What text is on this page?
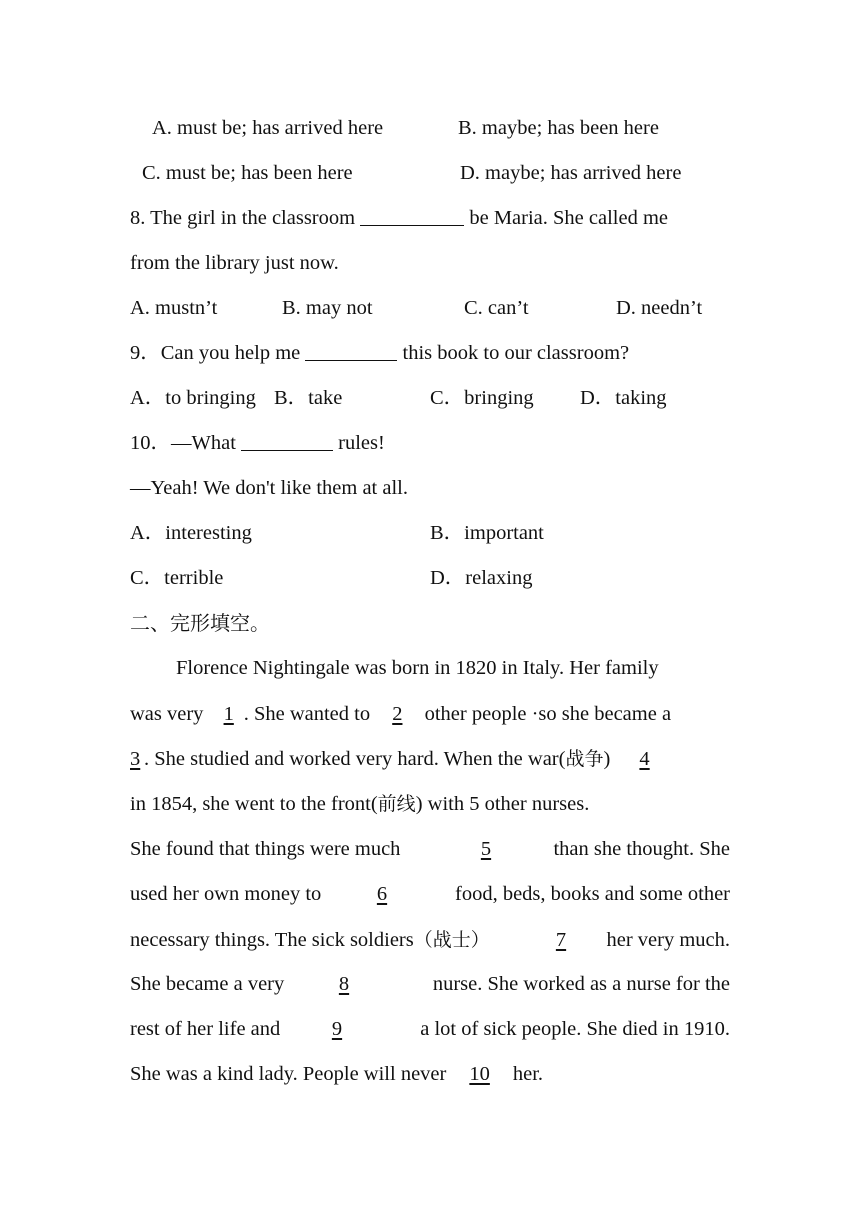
A. must be; has arrived here	B. maybe; has been here
C. must be; has been here	D. maybe; has arrived here
8. The girl in the classroom	be Maria. She called me
from the library just now.
A. mustn’t	B. may not	C. can’t	D. needn’t
9．Can you help me	this book to our classroom?
A．to bringing B．take	C．bringing D．taking
10．—What	rules!
—Yeah! We don't like them at all.
A．interesting	B．important
C．terrible	D．relaxing
二、完形填空。
Florence Nightingale was born in 1820 in Italy. Her family
was very 1 . She wanted to 2 other people ·so she became a
3 . She studied and worked very hard. When the war(战争) 4
in 1854, she went to the front(前线) with 5 other nurses.
She found that things were much	5	than she thought. She
used her own money to	6	food, beds, books and some other
necessary things. The sick soldiers（战士）	7	her very much.
She became a very	8	nurse. She worked as a nurse for the
rest of her life and	9	a lot of sick people. She died in 1910.
She was a kind lady. People will never 10 her.
